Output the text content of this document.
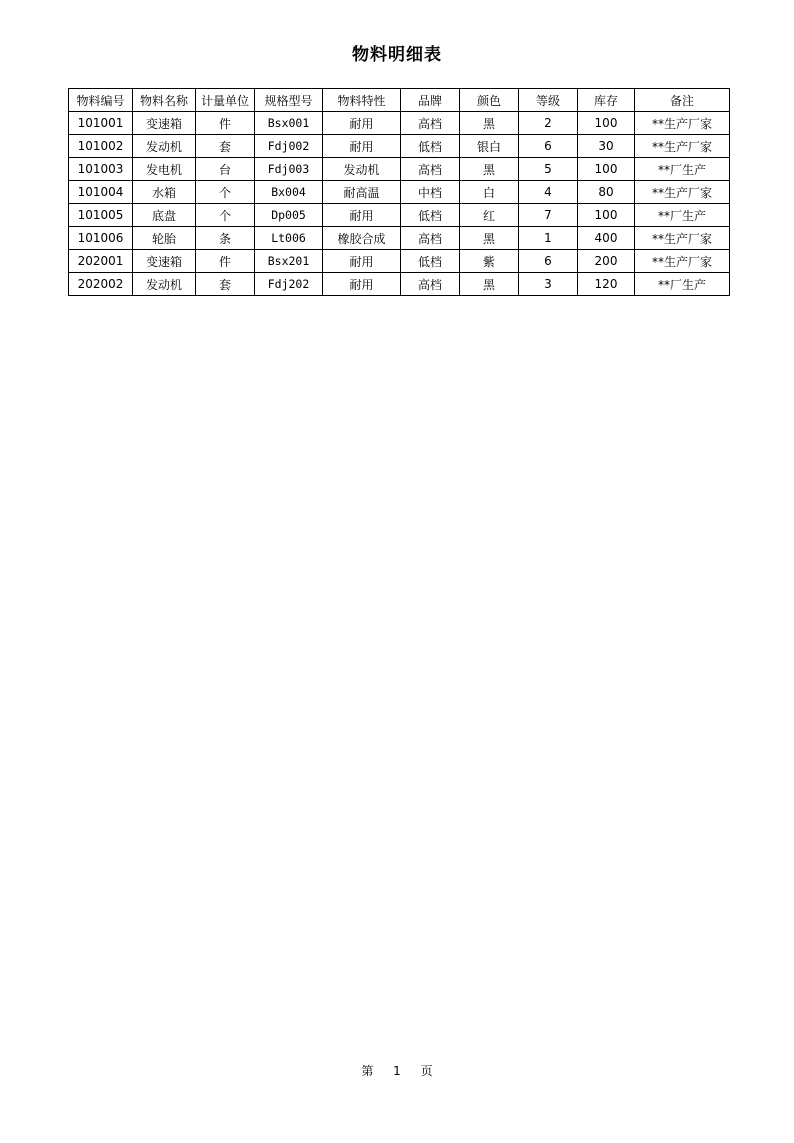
物料明细表
物料编号	物料名称	计量单位	规格型号	物料特性	品牌	颜色	等级	库存	备注
101001	变速箱	件	Bsx001	耐用	高档	黑	2	100	**生产厂家
101002	发动机	套	Fdj002	耐用	低档	银白	6	30	**生产厂家
101003	发电机	台	Fdj003	发动机	高档	黑	5	100	**厂生产
101004	水箱	个	Bx004	耐高温	中档	白	4	80	**生产厂家
101005	底盘	个	Dp005	耐用	低档	红	7	100	**厂生产
101006	轮胎	条	Lt006	橡胶合成	高档	黑	1	400	**生产厂家
202001	变速箱	件	Bsx201	耐用	低档	紫	6	200	**生产厂家
202002	发动机	套	Fdj202	耐用	高档	黑	3	120	**厂生产
第 1 页
